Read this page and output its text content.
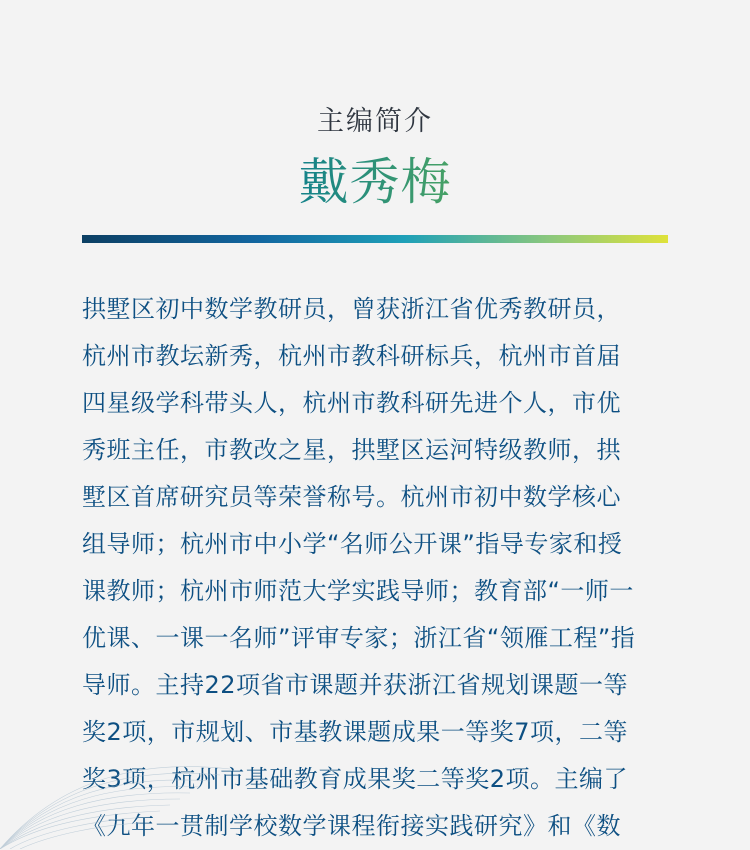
主编简介
戴秀梅
拱墅区初中数学教研员，曾获浙江省优秀教研员，
杭州市教坛新秀，杭州市教科研标兵，杭州市首届
四星级学科带头人，杭州市教科研先进个人，市优
秀班主任，市教改之星，拱墅区运河特级教师，拱
墅区首席研究员等荣誉称号。杭州市初中数学核心
组导师；杭州市中小学“名师公开课”指导专家和授
课教师；杭州市师范大学实践导师；教育部“一师一
优课、一课一名师”评审专家；浙江省“领雁工程”指
导师。主持22项省市课题并获浙江省规划课题一等
奖2项，市规划、市基教课题成果一等奖7项，二等
奖3项，杭州市基础教育成果奖二等奖2项。主编了
《九年一贯制学校数学课程衔接实践研究》和《数
